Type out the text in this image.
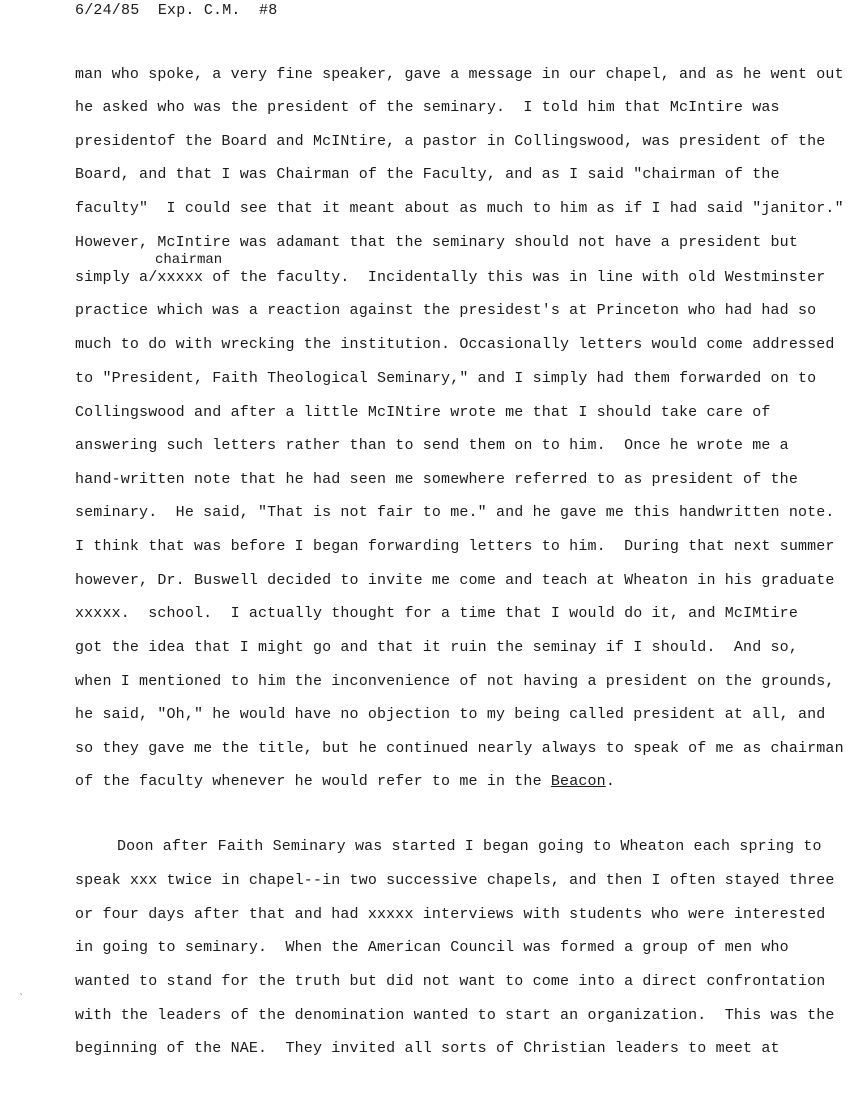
6/24/85  Exp. C.M.  #8
man who spoke, a very fine speaker, gave a message in our chapel, and as he went out
he asked who was the president of the seminary.  I told him that McIntire was
presidentof the Board and McINtire, a pastor in Collingswood, was president of the
Board, and that I was Chairman of the Faculty, and as I said "chairman of the
faculty"  I could see that it meant about as much to him as if I had said "janitor."
However, McIntire was adamant that the seminary should not have a president but
chairman
simply a/xxxxx of the faculty.  Incidentally this was in line with old Westminster
practice which was a reaction against the presidest's at Princeton who had had so
much to do with wrecking the institution. Occasionally letters would come addressed
to "President, Faith Theological Seminary," and I simply had them forwarded on to
Collingswood and after a little McINtire wrote me that I should take care of
answering such letters rather than to send them on to him.  Once he wrote me a
hand-written note that he had seen me somewhere referred to as president of the
seminary.  He said, "That is not fair to me." and he gave me this handwritten note.
I think that was before I began forwarding letters to him.  During that next summer
however, Dr. Buswell decided to invite me come and teach at Wheaton in his graduate
xxxxx.  school.  I actually thought for a time that I would do it, and McIMtire
got the idea that I might go and that it ruin the seminay if I should.  And so,
when I mentioned to him the inconvenience of not having a president on the grounds,
he said, "Oh," he would have no objection to my being called president at all, and
so they gave me the title, but he continued nearly always to speak of me as chairman
of the faculty whenever he would refer to me in the Beacon.
Doon after Faith Seminary was started I began going to Wheaton each spring to
speak xxx twice in chapel--in two successive chapels, and then I often stayed three
or four days after that and had xxxxx interviews with students who were interested
in going to seminary.  When the American Council was formed a group of men who
wanted to stand for the truth but did not want to come into a direct confrontation
with the leaders of the denomination wanted to start an organization.  This was the
beginning of the NAE.  They invited all sorts of Christian leaders to meet at
ˎ
